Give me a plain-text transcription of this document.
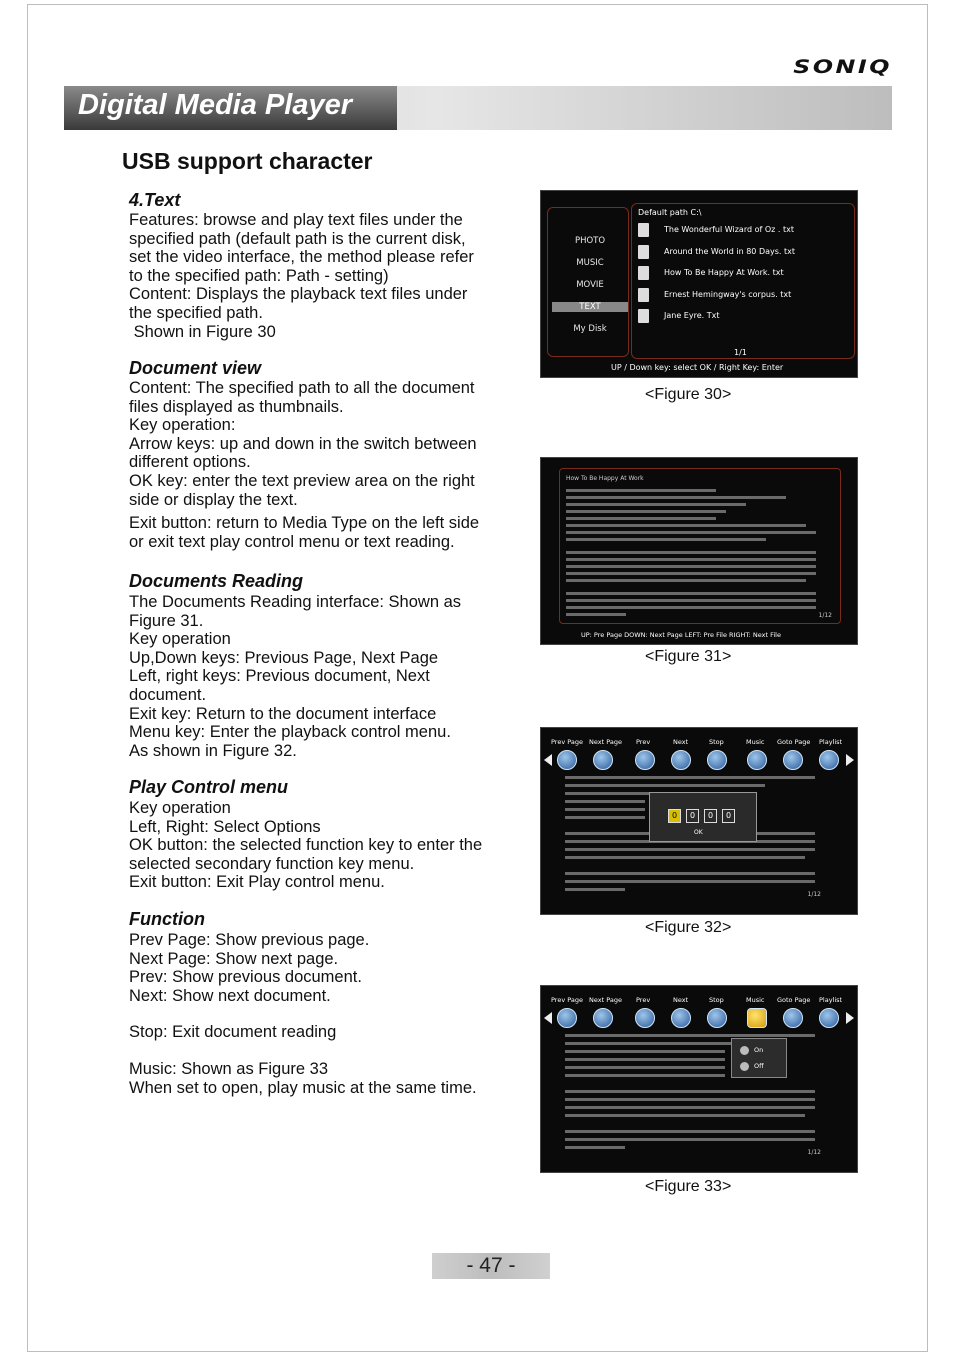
SONIQ
Digital Media Player
USB support character
4.Text
Features: browse and play text files under the
specified path (default path is the current disk,
set the video interface, the method please refer
to the specified path: Path - setting)
Content: Displays the playback text files under
the specified path.
Shown in Figure 30
Document view
Content: The specified path to all the document
files displayed as thumbnails.
Key operation:
Arrow keys: up and down in the switch between
different options.
OK key: enter the text preview area on the right
side or display the text.
Exit button: return to Media Type on the left side
or exit text play control menu or text reading.
Documents Reading
The Documents Reading interface: Shown as
Figure 31.
Key operation
Up,Down keys: Previous Page, Next Page
Left, right keys: Previous document, Next
document.
Exit key: Return to the document interface
Menu key: Enter the playback control menu.
As shown in Figure 32.
Play Control menu
Key operation
Left, Right: Select Options
OK button: the selected function key to enter the
selected secondary function key menu.
Exit button: Exit Play control menu.
Function
Prev Page: Show previous page.
Next Page: Show next page.
Prev: Show previous document.
Next: Show next document.
Stop: Exit document reading
Music: Shown as Figure 33
When set to open, play music at the same time.
PHOTO
MUSIC
MOVIE
TEXT
My Disk
Default path C:\
The Wonderful Wizard of Oz . txt
Around the World in 80 Days. txt
How To Be Happy At Work. txt
Ernest Hemingway's corpus. txt
Jane Eyre. Txt
1/1
UP / Down key: select OK / Right Key: Enter
<Figure 30>
How To Be Happy At Work
1/12
UP: Pre Page DOWN: Next Page LEFT: Pre File RIGHT: Next File
<Figure 31>
Prev Page Next Page Prev	Next	Stop	Music Goto Page Playlist
0	0	0	0
OK
1/12
<Figure 32>
Prev Page Next Page Prev	Next	Stop	Music Goto Page Playlist
On
Off
1/12
<Figure 33>
- 47 -
